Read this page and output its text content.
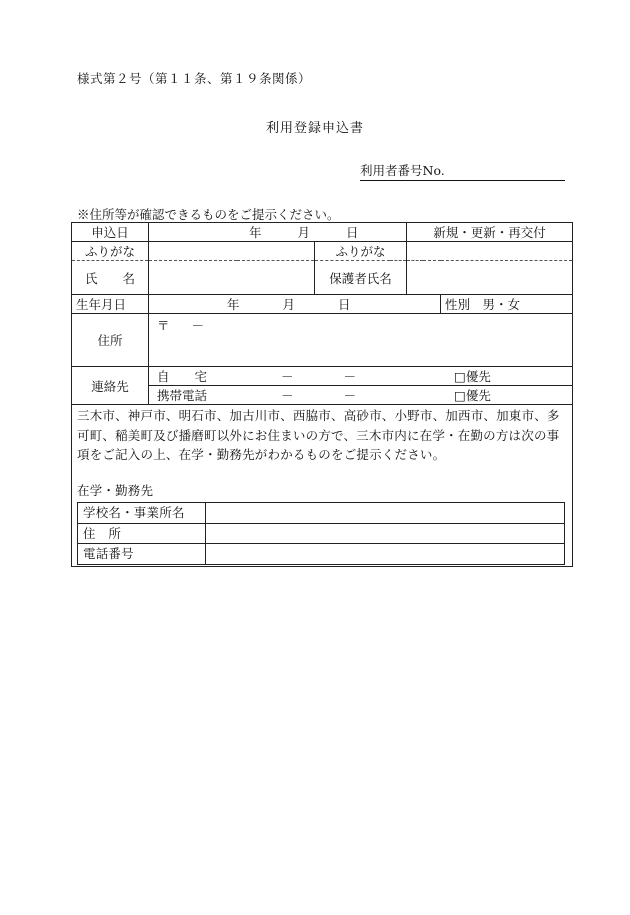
様式第２号（第１１条、第１９条関係）
利用登録申込書
利用者番号No.
※住所等が確認できるものをご提示ください。
申込日	年	月	日	新規・更新・再交付
ふりがな		ふりがな	
氏　　名		保護者氏名	
生年月日	年	月	日	性別　男・女
住所	〒 －
連絡先	自　　宅	－　　　　－	□優先
携帯電話	－　　　　－	□優先

三木市、神戸市、明石市、加古川市、西脇市、高砂市、小野市、加西市、加東市、多可町、稲美町及び播磨町以外にお住まいの方で、三木市内に在学・在勤の方は次の事項をご記入の上、在学・勤務先がわかるものをご提示ください。
在学・勤務先
学校名・事業所名	
住　所	
電話番号	
